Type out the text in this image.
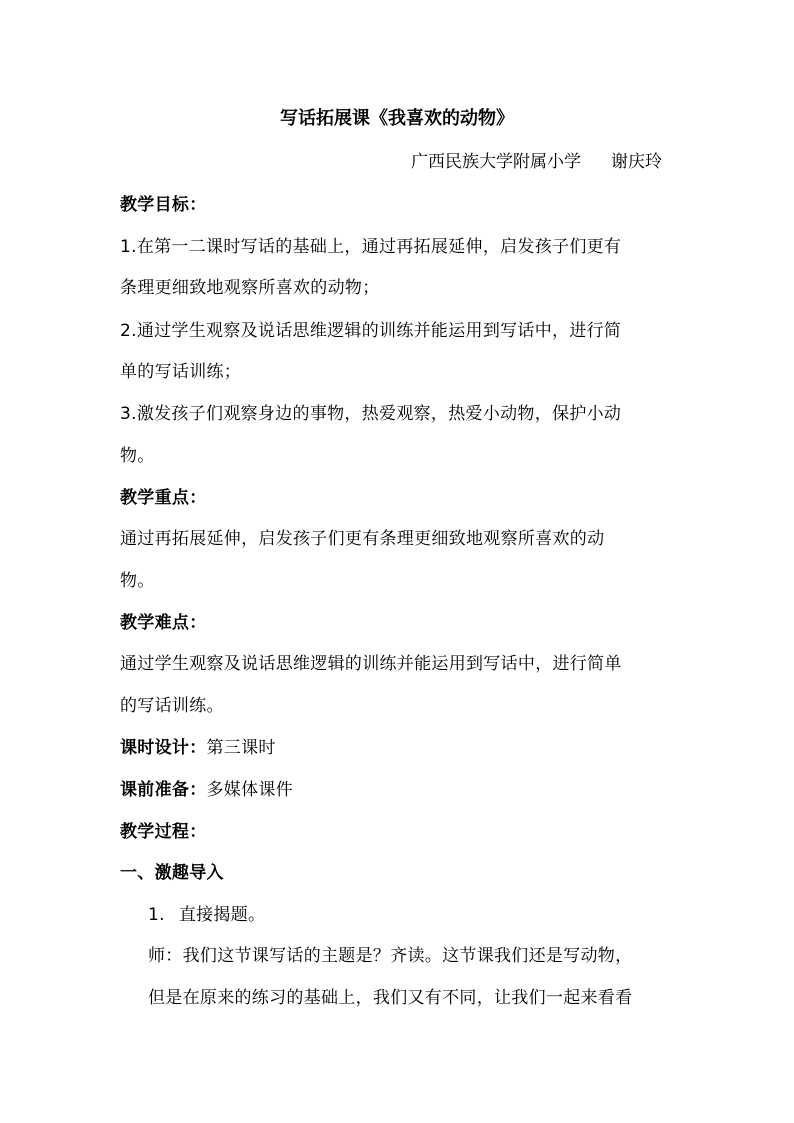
写话拓展课《我喜欢的动物》
广西民族大学附属小学 谢庆玲
教学目标：
1.在第一二课时写话的基础上，通过再拓展延伸，启发孩子们更有
条理更细致地观察所喜欢的动物；
2.通过学生观察及说话思维逻辑的训练并能运用到写话中，进行简
单的写话训练；
3.激发孩子们观察身边的事物，热爱观察，热爱小动物，保护小动
物。
教学重点：
通过再拓展延伸，启发孩子们更有条理更细致地观察所喜欢的动
物。
教学难点：
通过学生观察及说话思维逻辑的训练并能运用到写话中，进行简单
的写话训练。
课时设计：第三课时
课前准备：多媒体课件
教学过程：
一、激趣导入
1. 直接揭题。
师：我们这节课写话的主题是？齐读。这节课我们还是写动物，
但是在原来的练习的基础上，我们又有不同，让我们一起来看看
